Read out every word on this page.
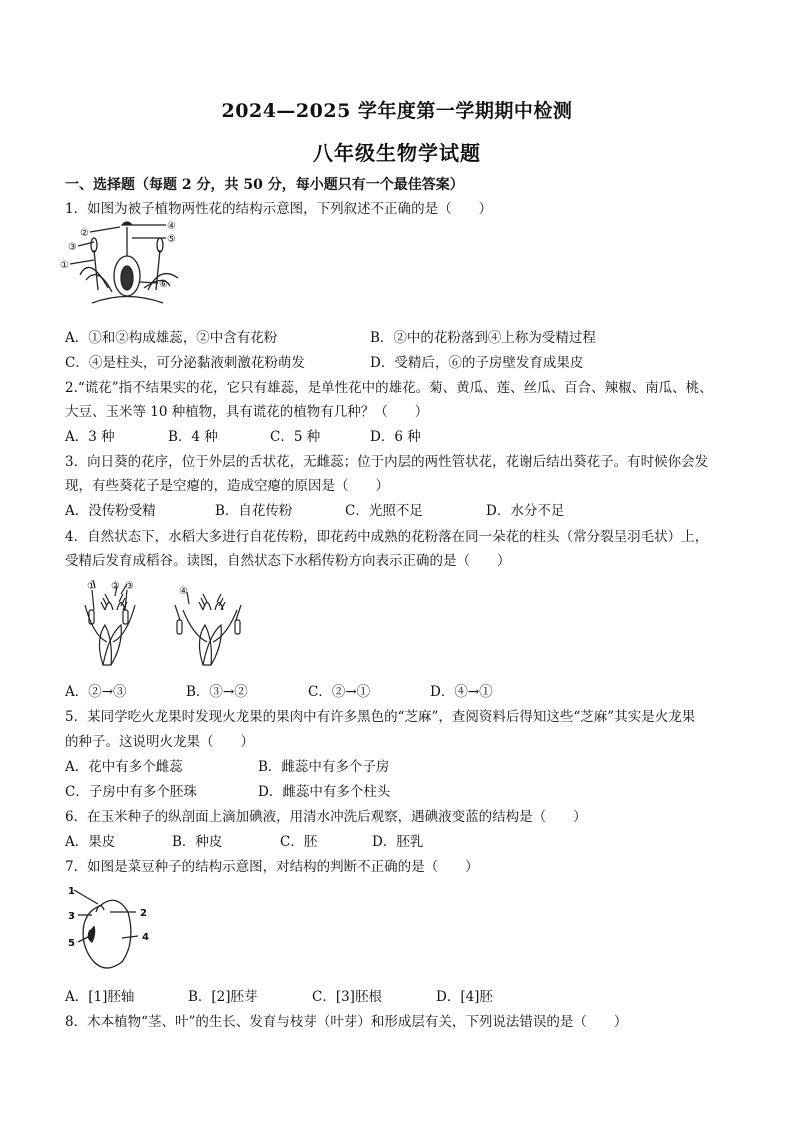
2024—2025 学年度第一学期期中检测
八年级生物学试题
一、选择题（每题 2 分，共 50 分，每小题只有一个最佳答案）
1．如图为被子植物两性花的结构示意图，下列叙述不正确的是（　　）
①
②
③
④
⑤
⑥
A．①和②构成雄蕊，②中含有花粉	B．②中的花粉落到④上称为受精过程
C．④是柱头，可分泌黏液刺激花粉萌发	D．受精后，⑥的子房壁发育成果皮
2.“谎花”指不结果实的花，它只有雄蕊，是单性花中的雄花。菊、黄瓜、莲、丝瓜、百合、辣椒、南瓜、桃、
大豆、玉米等 10 种植物，具有谎花的植物有几种？（　　）
A．3 种	B．4 种	C．5 种	D．6 种
3．向日葵的花序，位于外层的舌状花，无雌蕊；位于内层的两性管状花，花谢后结出葵花子。有时候你会发
现，有些葵花子是空瘪的，造成空瘪的原因是（　　）
A．没传粉受精	B．自花传粉	C．光照不足	D．水分不足
4．自然状态下，水稻大多进行自花传粉，即花药中成熟的花粉落在同一朵花的柱头（常分裂呈羽毛状）上，
受精后发育成稻谷。读图，自然状态下水稻传粉方向表示正确的是（　　）
① ② ③	④
A．②→③	B．③→②	C．②→①	D．④→①
5．某同学吃火龙果时发现火龙果的果肉中有许多黑色的“芝麻”，查阅资料后得知这些“芝麻”其实是火龙果
的种子。这说明火龙果（　　）
A．花中有多个雌蕊	B．雌蕊中有多个子房
C．子房中有多个胚珠	D．雌蕊中有多个柱头
6．在玉米种子的纵剖面上滴加碘液，用清水冲洗后观察，遇碘液变蓝的结构是（　　）
A．果皮	B．种皮	C．胚	D．胚乳
7．如图是菜豆种子的结构示意图，对结构的判断不正确的是（　　）
1
2
3
4
5
A．[1]胚轴	B．[2]胚芽	C．[3]胚根	D．[4]胚
8．木本植物“茎、叶”的生长、发育与枝芽（叶芽）和形成层有关，下列说法错误的是（　　）
